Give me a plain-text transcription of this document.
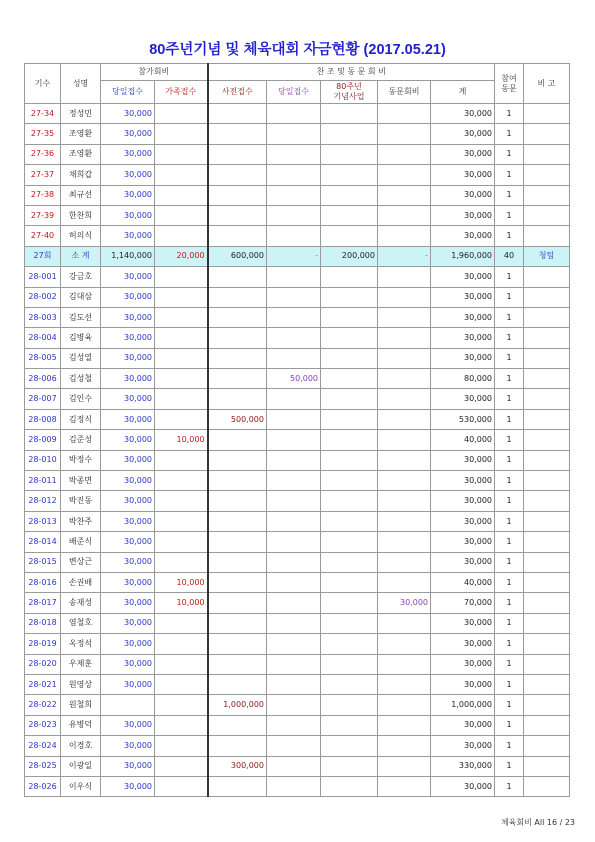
80주년기념 및 체육대회 자금현황 (2017.05.21)
기수	성명	참가회비		찬 조 및 동 문 회 비					참여
동문	비 고
		당일접수	가족접수	사전접수	당일접수	80주년
기념사업	동문회비	계		
27-34	정성민	30,000						30,000	1	
27-35	조영환	30,000						30,000	1	
27-36	조영환	30,000						30,000	1	
27-37	채희갑	30,000						30,000	1	
27-38	최규선	30,000						30,000	1	
27-39	한찬희	30,000						30,000	1	
27-40	허의식	30,000						30,000	1	
27회	소 계	1,140,000	20,000	600,000	-	200,000	-	1,960,000	40	청팀
28-001	강금호	30,000						30,000	1	
28-002	김대삼	30,000						30,000	1	
28-003	김도선	30,000						30,000	1	
28-004	김병육	30,000						30,000	1	
28-005	김성열	30,000						30,000	1	
28-006	김성철	30,000			50,000			80,000	1	
28-007	김인수	30,000						30,000	1	
28-008	김정식	30,000		500,000				530,000	1	
28-009	김준성	30,000	10,000					40,000	1	
28-010	박정수	30,000						30,000	1	
28-011	박종면	30,000						30,000	1	
28-012	박진동	30,000						30,000	1	
28-013	박찬주	30,000						30,000	1	
28-014	배준식	30,000						30,000	1	
28-015	변상근	30,000						30,000	1	
28-016	손권배	30,000	10,000					40,000	1	
28-017	송재성	30,000	10,000				30,000	70,000	1	
28-018	염철호	30,000						30,000	1	
28-019	옥정석	30,000						30,000	1	
28-020	우제훈	30,000						30,000	1	
28-021	원영상	30,000						30,000	1	
28-022	원철희			1,000,000				1,000,000	1	
28-023	유병덕	30,000						30,000	1	
28-024	이경호	30,000						30,000	1	
28-025	이광일	30,000		300,000				330,000	1	
28-026	이우식	30,000						30,000	1	
체육회비 All 16 / 23
